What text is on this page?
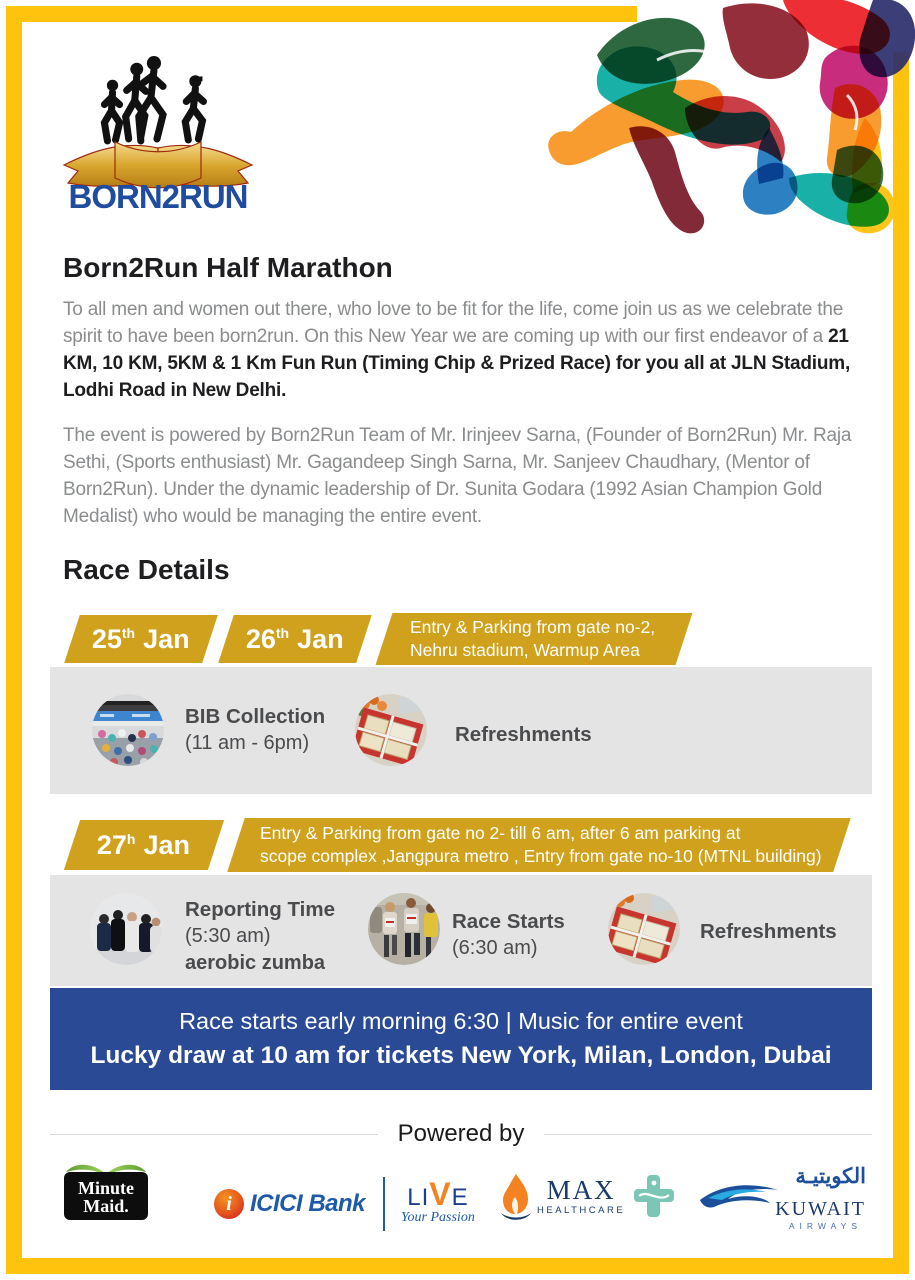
BORN2RUN
Born2Run Half Marathon

To all men and women out there, who love to be fit for the life, come join us as we celebrate the spirit to have been born2run. On this New Year we are coming up with our first endeavor of a 21 KM, 10 KM, 5KM & 1 Km Fun Run (Timing Chip & Prized Race) for you all at JLN Stadium, Lodhi Road in New Delhi.

The event is powered by Born2Run Team of Mr. Irinjeev Sarna, (Founder of Born2Run) Mr. Raja Sethi, (Sports enthusiast) Mr. Gagandeep Singh Sarna, Mr. Sanjeev Chaudhary, (Mentor of Born2Run). Under the dynamic leadership of Dr. Sunita Godara (1992 Asian Champion Gold Medalist) who would be managing the entire event.

Race Details
25th Jan 26th Jan	Entry & Parking from gate no-2,
Nehru stadium, Warmup Area
BIB Collection
(11 am - 6pm)	Refreshments
27$^h$ Jan	Entry & Parking from gate no 2- till 6 am, after 6 am parking at
scope complex ,Jangpura metro , Entry from gate no-10 (MTNL building)
Reporting Time
(5:30 am)
aerobic zumba
Race Starts
(6:30 am)
Refreshments
Race starts early morning 6:30 | Music for entire event
Lucky draw at 10 am for tickets New York, Milan, London, Dubai
Powered by
Minute
Maid.	i ICICI Bank LIVE
Your Passion
MAX
HEALTHCARE
الكويتيـة
KUWAIT
AIRWAYS
